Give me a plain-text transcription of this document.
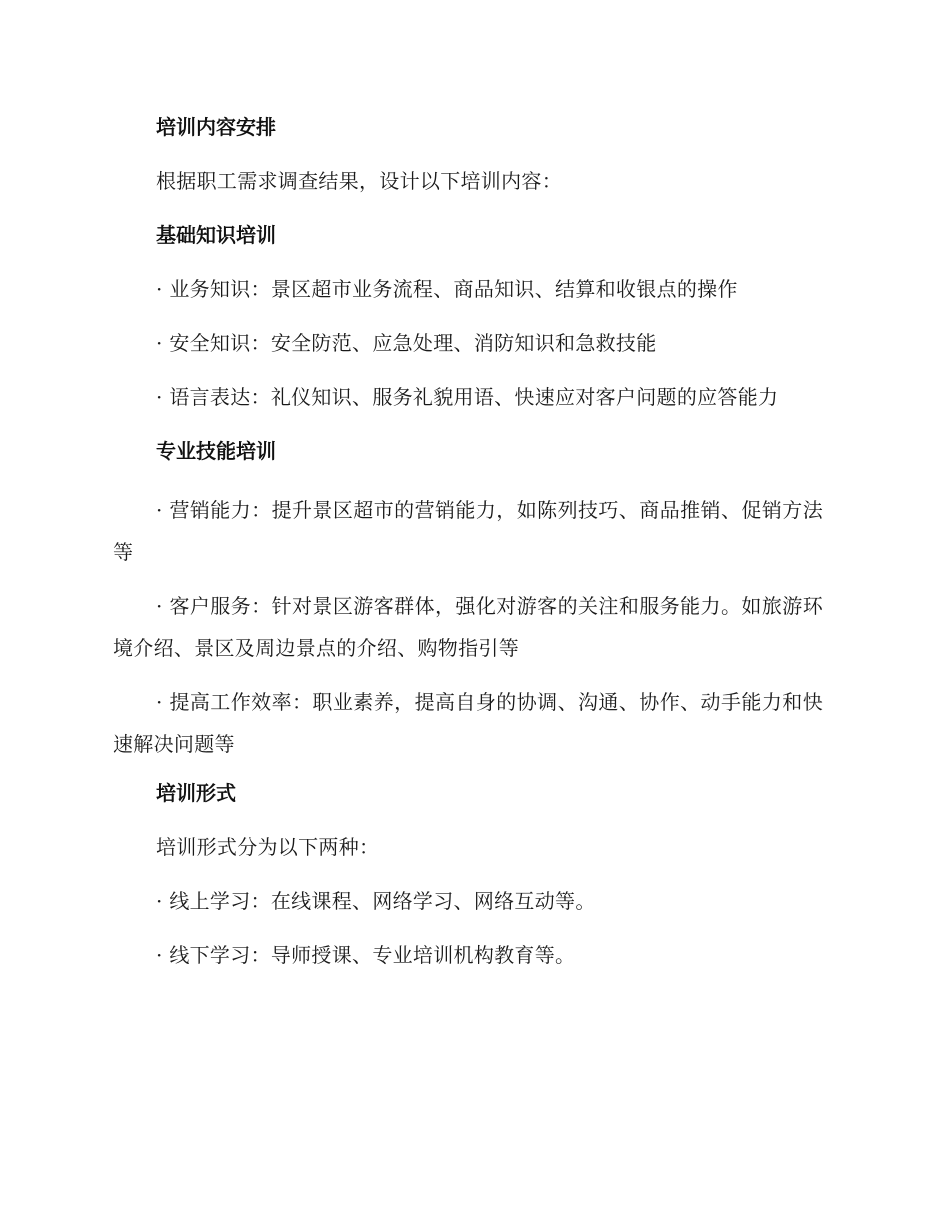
培训内容安排

根据职工需求调查结果，设计以下培训内容：

基础知识培训

· 业务知识：景区超市业务流程、商品知识、结算和收银点的操作

· 安全知识：安全防范、应急处理、消防知识和急救技能

· 语言表达：礼仪知识、服务礼貌用语、快速应对客户问题的应答能力

专业技能培训

· 营销能力：提升景区超市的营销能力，如陈列技巧、商品推销、促销方法等

· 客户服务：针对景区游客群体，强化对游客的关注和服务能力。如旅游环境介绍、景区及周边景点的介绍、购物指引等

· 提高工作效率：职业素养，提高自身的协调、沟通、协作、动手能力和快速解决问题等

培训形式

培训形式分为以下两种：

· 线上学习：在线课程、网络学习、网络互动等。

· 线下学习：导师授课、专业培训机构教育等。
